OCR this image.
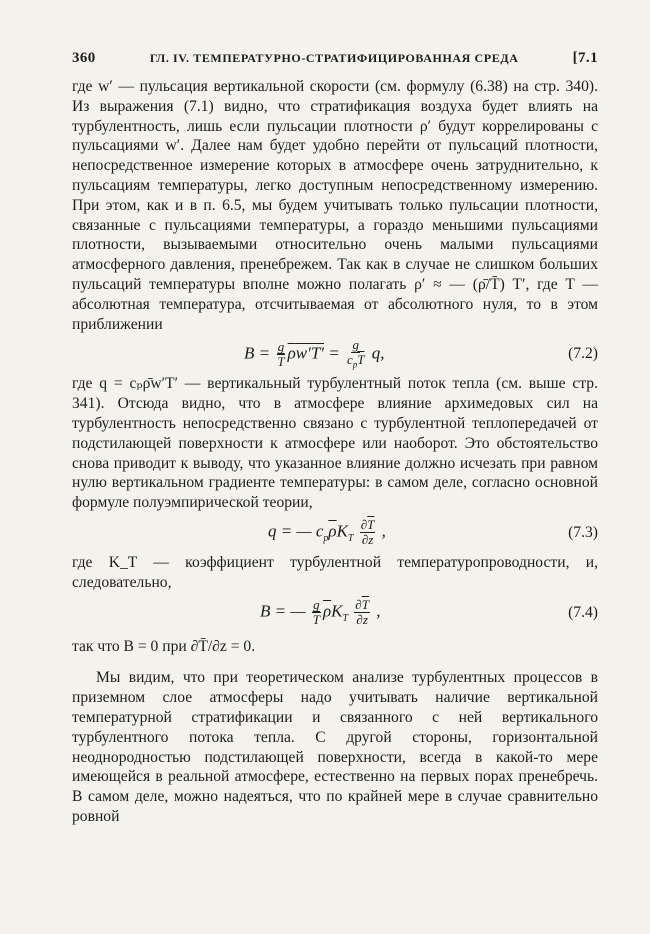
360	ГЛ. IV. ТЕМПЕРАТУРНО-СТРАТИФИЦИРОВАННАЯ СРЕДА	[7.1

где w′ — пульсация вертикальной скорости (см. формулу (6.38) на стр. 340). Из выражения (7.1) видно, что стратификация воздуха будет влиять на турбулентность, лишь если пульсации плотности ρ′ будут коррелированы с пульсациями w′. Далее нам будет удобно перейти от пульсаций плотности, непосредственное измерение которых в атмосфере очень затруднительно, к пульсациям температуры, легко доступным непосредственному измерению. При этом, как и в п. 6.5, мы будем учитывать только пульсации плотности, связанные с пульсациями температуры, а гораздо меньшими пульсациями плотности, вызываемыми относительно очень малыми пульсациями атмосферного давления, пренебрежем. Так как в случае не слишком больших пульсаций температуры вполне можно полагать ρ′ ≈ — (ρ̄/T̄) T′, где T — абсолютная температура, отсчитываемая от абсолютного нуля, то в этом приближении

$B = \frac{g}{T} \overline{\rho}w'T' = \frac{g}{c_p\overline{T}} q$,	(7.2)

где q = cₚρ̄w′T′ — вертикальный турбулентный поток тепла (см. выше стр. 341). Отсюда видно, что в атмосфере влияние архимедовых сил на турбулентность непосредственно связано с турбулентной теплопередачей от подстилающей поверхности к атмосфере или наоборот. Это обстоятельство снова приводит к выводу, что указанное влияние должно исчезать при равном нулю вертикальном градиенте температуры: в самом деле, согласно основной формуле полуэмпирической теории,

q = — $c_p\overline{\rho}K_T \frac{\partial\overline{T}}{\partial z}$ ,	(7.3)

где K_T — коэффициент турбулентной температуропроводности, и, следовательно,

B = — $\frac{g}{T} \overline{\rho}K_T \frac{\partial\overline{T}}{\partial z}$ ,	(7.4)

так что B = 0 при ∂T̄/∂z = 0.

Мы видим, что при теоретическом анализе турбулентных процессов в приземном слое атмосферы надо учитывать наличие вертикальной температурной стратификации и связанного с ней вертикального турбулентного потока тепла. С другой стороны, горизонтальной неоднородностью подстилающей поверхности, всегда в какой-то мере имеющейся в реальной атмосфере, естественно на первых порах пренебречь. В самом деле, можно надеяться, что по крайней мере в случае сравнительно ровной
